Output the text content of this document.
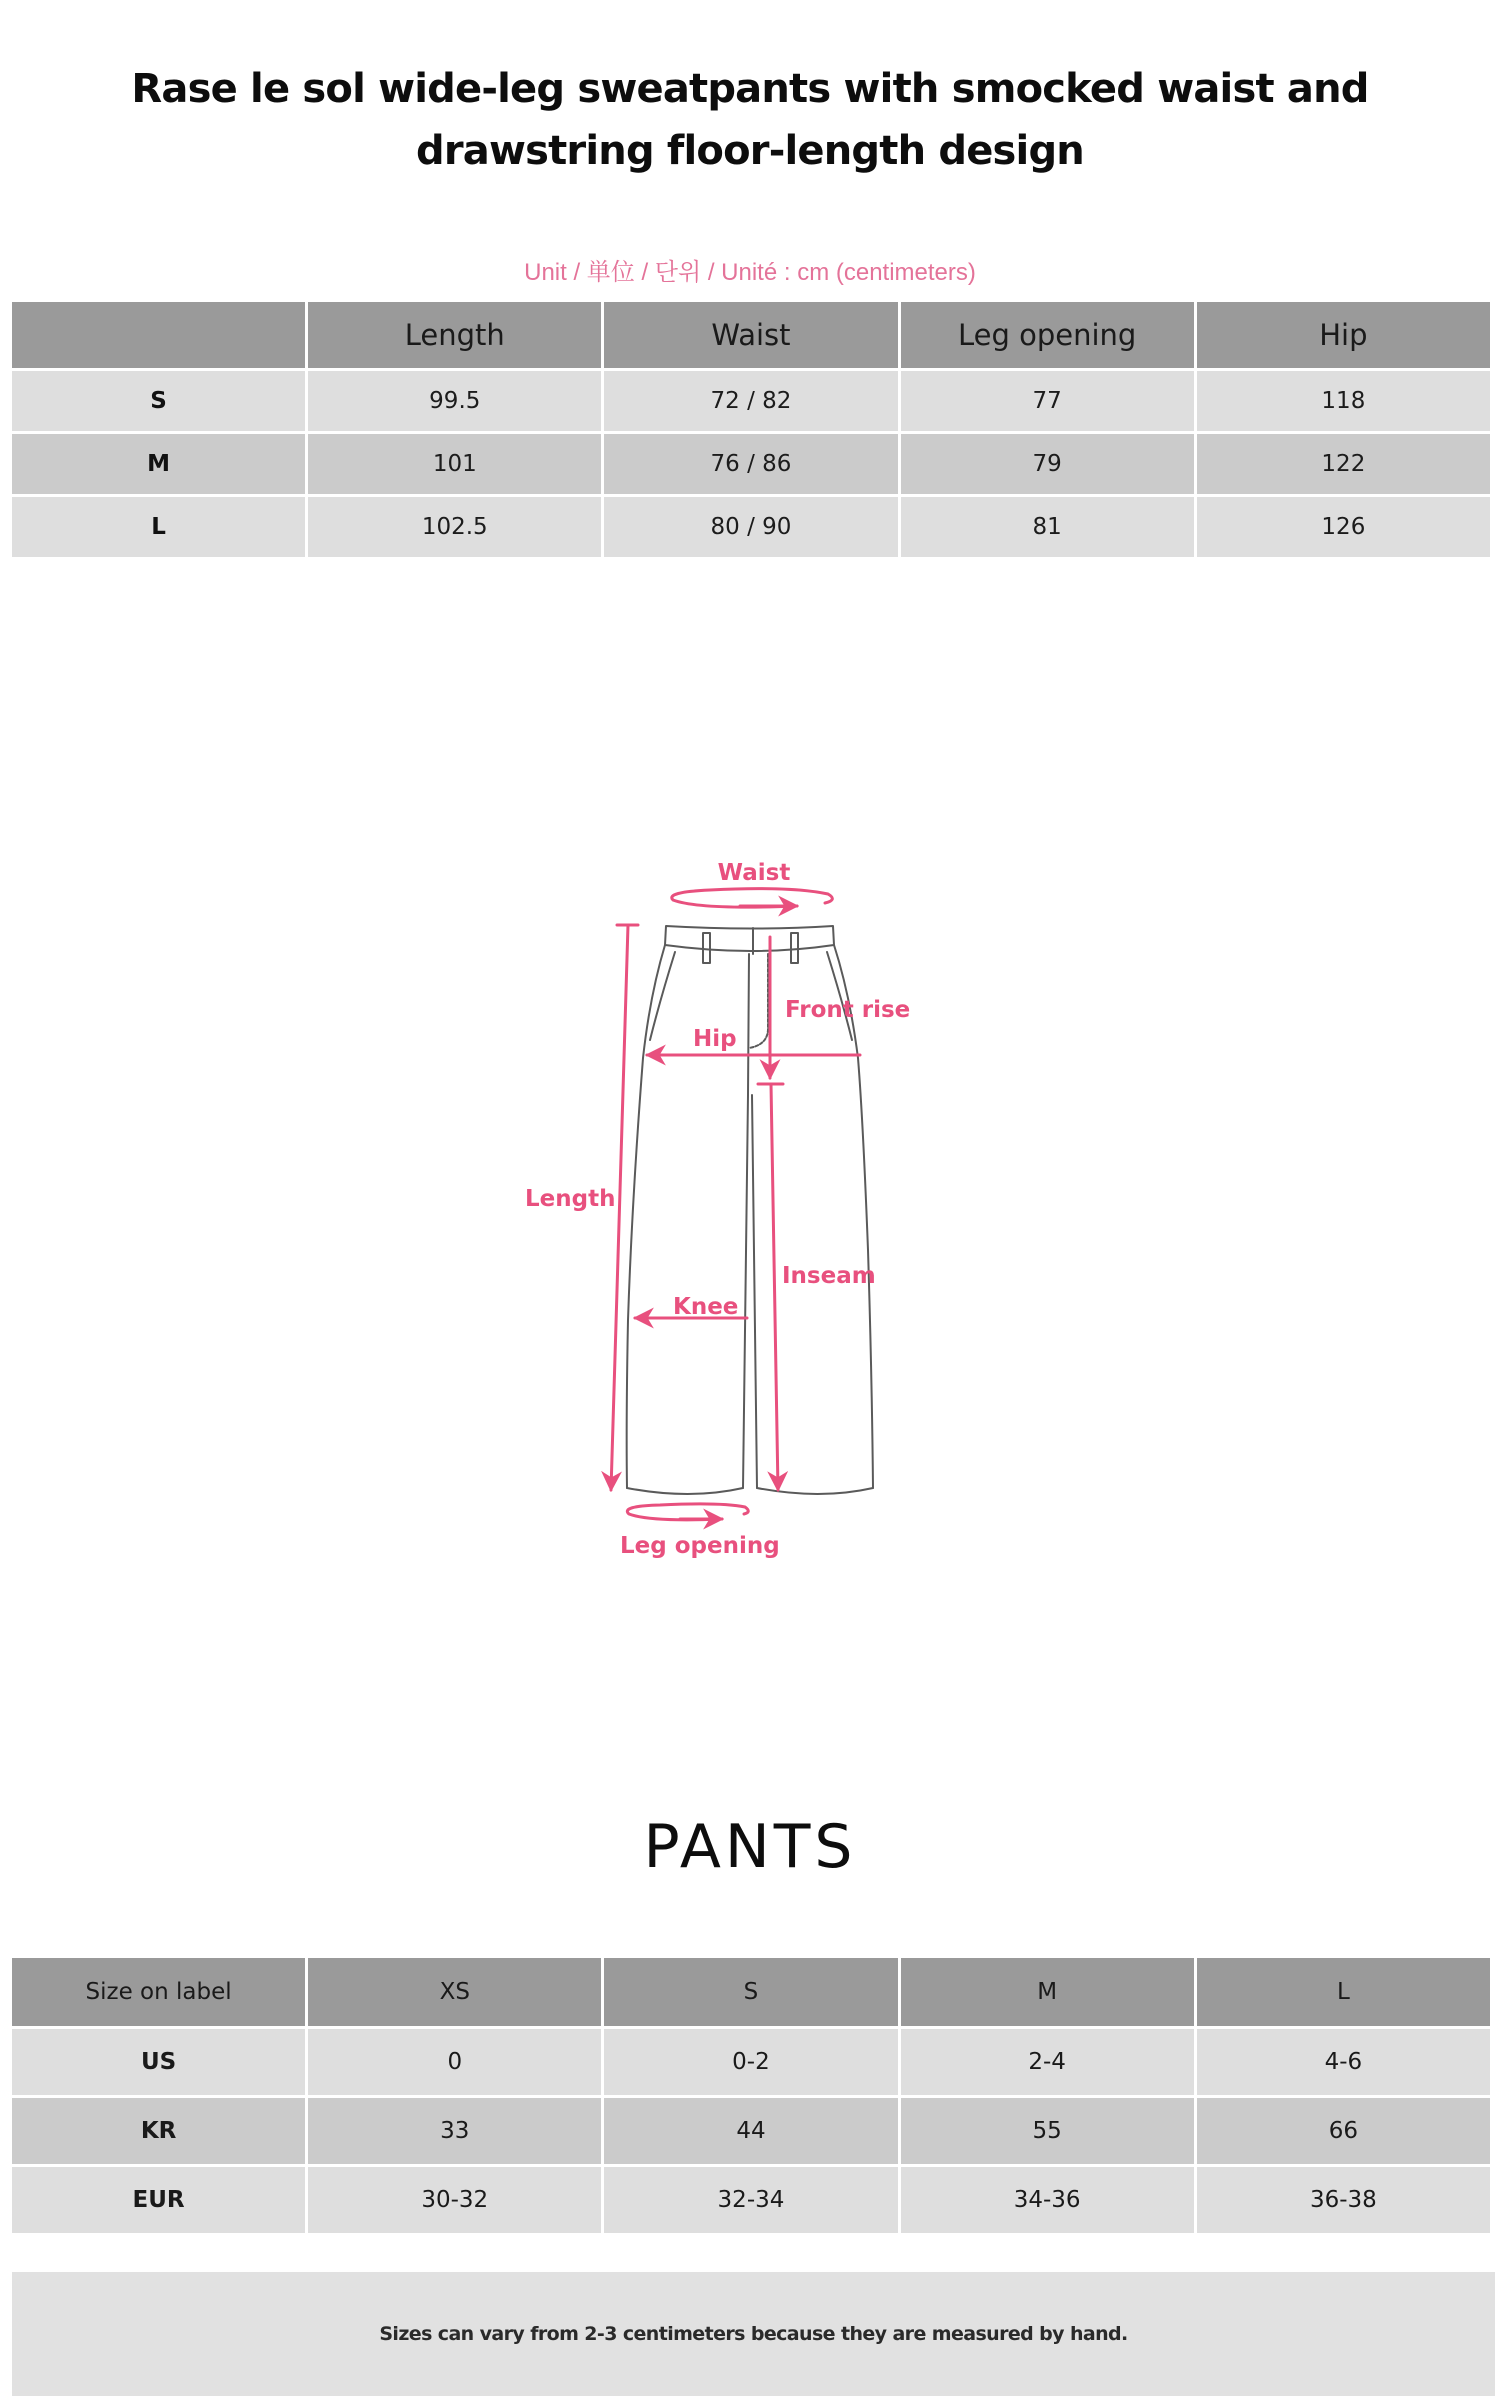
Rase le sol wide-leg sweatpants with smocked waist and
drawstring floor-length design
Unit / 単位 / 단위 / Unité : cm (centimeters)
	Length	Waist	Leg opening	Hip
S	99.5	72 / 82	77	118
M	101	76 / 86	79	122
L	102.5	80 / 90	81	126
Waist
Front rise
Hip
Length
Inseam
Knee
Leg opening
PANTS
Size on label	XS	S	M	L
US	0	0-2	2-4	4-6
KR	33	44	55	66
EUR	30-32	32-34	34-36	36-38
Sizes can vary from 2-3 centimeters because they are measured by hand.
